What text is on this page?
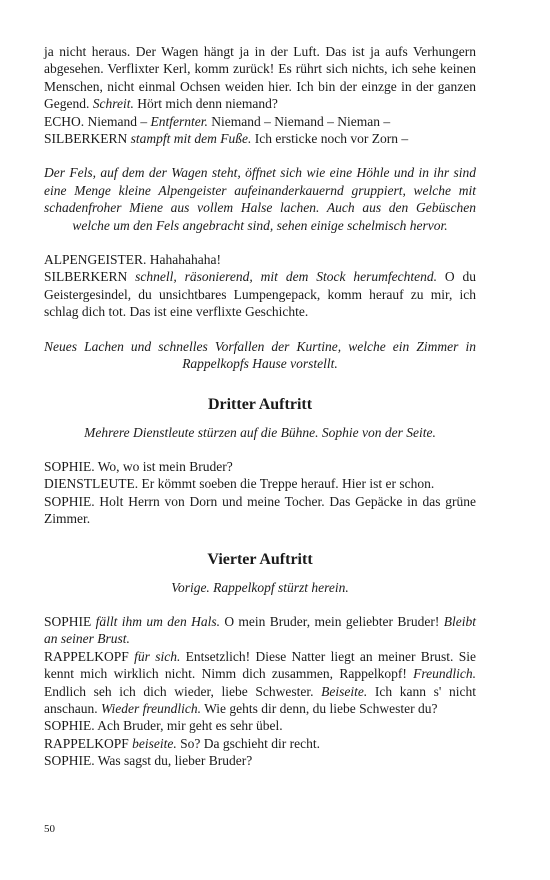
ja nicht heraus. Der Wagen hängt ja in der Luft. Das ist ja aufs Verhungern abgesehen. Verflixter Kerl, komm zurück! Es rührt sich nichts, ich sehe keinen Menschen, nicht einmal Ochsen weiden hier. Ich bin der einzge in der ganzen Gegend. Schreit. Hört mich denn niemand?

ECHO. Niemand – Entfernter. Niemand – Niemand – Nieman –

SILBERKERN stampft mit dem Fuße. Ich ersticke noch vor Zorn –

Der Fels, auf dem der Wagen steht, öffnet sich wie eine Höhle und in ihr sind eine Menge kleine Alpengeister aufeinanderkauernd gruppiert, welche mit schadenfroher Miene aus vollem Halse lachen. Auch aus den Gebüschen welche um den Fels angebracht sind, sehen einige schelmisch hervor.

ALPENGEISTER. Hahahahaha!

SILBERKERN schnell, räsonierend, mit dem Stock herumfechtend. O du Geistergesindel, du unsichtbares Lumpengepack, komm herauf zu mir, ich schlag dich tot. Das ist eine verflixte Geschichte.

Neues Lachen und schnelles Vorfallen der Kurtine, welche ein Zimmer in Rappelkopfs Hause vorstellt.

Dritter Auftritt

Mehrere Dienstleute stürzen auf die Bühne. Sophie von der Seite.

SOPHIE. Wo, wo ist mein Bruder?

DIENSTLEUTE. Er kömmt soeben die Treppe herauf. Hier ist er schon.

SOPHIE. Holt Herrn von Dorn und meine Tocher. Das Gepäcke in das grüne Zimmer.

Vierter Auftritt

Vorige. Rappelkopf stürzt herein.

SOPHIE fällt ihm um den Hals. O mein Bruder, mein geliebter Bruder! Bleibt an seiner Brust.

RAPPELKOPF für sich. Entsetzlich! Diese Natter liegt an meiner Brust. Sie kennt mich wirklich nicht. Nimm dich zusammen, Rappelkopf! Freundlich. Endlich seh ich dich wieder, liebe Schwester. Beiseite. Ich kann s' nicht anschaun. Wieder freundlich. Wie gehts dir denn, du liebe Schwester du?

SOPHIE. Ach Bruder, mir geht es sehr übel.

RAPPELKOPF beiseite. So? Da gschieht dir recht.

SOPHIE. Was sagst du, lieber Bruder?

50
